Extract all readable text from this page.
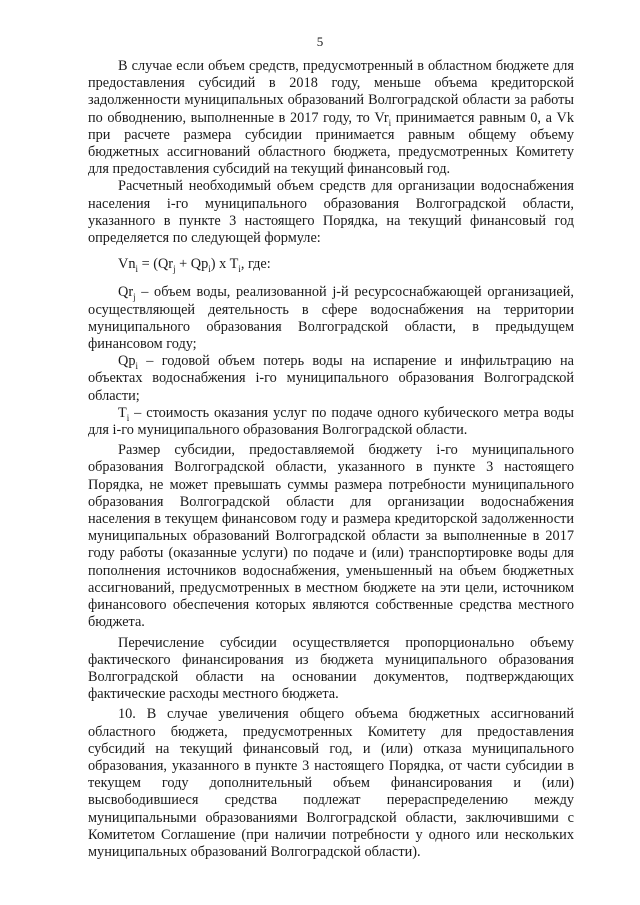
5

В случае если объем средств, предусмотренный в областном бюджете для предоставления субсидий в 2018 году, меньше объема кредиторской задолженности муниципальных образований Волгоградской области за работы по обводнению, выполненные в 2017 году, то $Vr_i$ принимается равным 0, а Vk при расчете размера субсидии принимается равным общему объему бюджетных ассигнований областного бюджета, предусмотренных Комитету для предоставления субсидий на текущий финансовый год.

Расчетный необходимый объем средств для организации водоснабжения населения i-го муниципального образования Волгоградской области, указанного в пункте 3 настоящего Порядка, на текущий финансовый год определяется по следующей формуле:

$Vn_i = (Qr_j + Qp_i)$ x $T_i$, где:

$Qr_j$ – объем воды, реализованной j-й ресурсоснабжающей организацией, осуществляющей деятельность в сфере водоснабжения на территории муниципального образования Волгоградской области, в предыдущем финансовом году;

$Qp_i$ – годовой объем потерь воды на испарение и инфильтрацию на объектах водоснабжения i-го муниципального образования Волгоградской области;

$T_i$ – стоимость оказания услуг по подаче одного кубического метра воды для i-го муниципального образования Волгоградской области.

Размер субсидии, предоставляемой бюджету i-го муниципального образования Волгоградской области, указанного в пункте 3 настоящего Порядка, не может превышать суммы размера потребности муниципального образования Волгоградской области для организации водоснабжения населения в текущем финансовом году и размера кредиторской задолженности муниципальных образований Волгоградской области за выполненные в 2017 году работы (оказанные услуги) по подаче и (или) транспортировке воды для пополнения источников водоснабжения, уменьшенный на объем бюджетных ассигнований, предусмотренных в местном бюджете на эти цели, источником финансового обеспечения которых являются собственные средства местного бюджета.

Перечисление субсидии осуществляется пропорционально объему фактического финансирования из бюджета муниципального образования Волгоградской области на основании документов, подтверждающих фактические расходы местного бюджета.

10. В случае увеличения общего объема бюджетных ассигнований областного бюджета, предусмотренных Комитету для предоставления субсидий на текущий финансовый год, и (или) отказа муниципального образования, указанного в пункте 3 настоящего Порядка, от части субсидии в текущем году дополнительный объем финансирования и (или) высвободившиеся средства подлежат перераспределению между муниципальными образованиями Волгоградской области, заключившими с Комитетом Соглашение (при наличии потребности у одного или нескольких муниципальных образований Волгоградской области).
